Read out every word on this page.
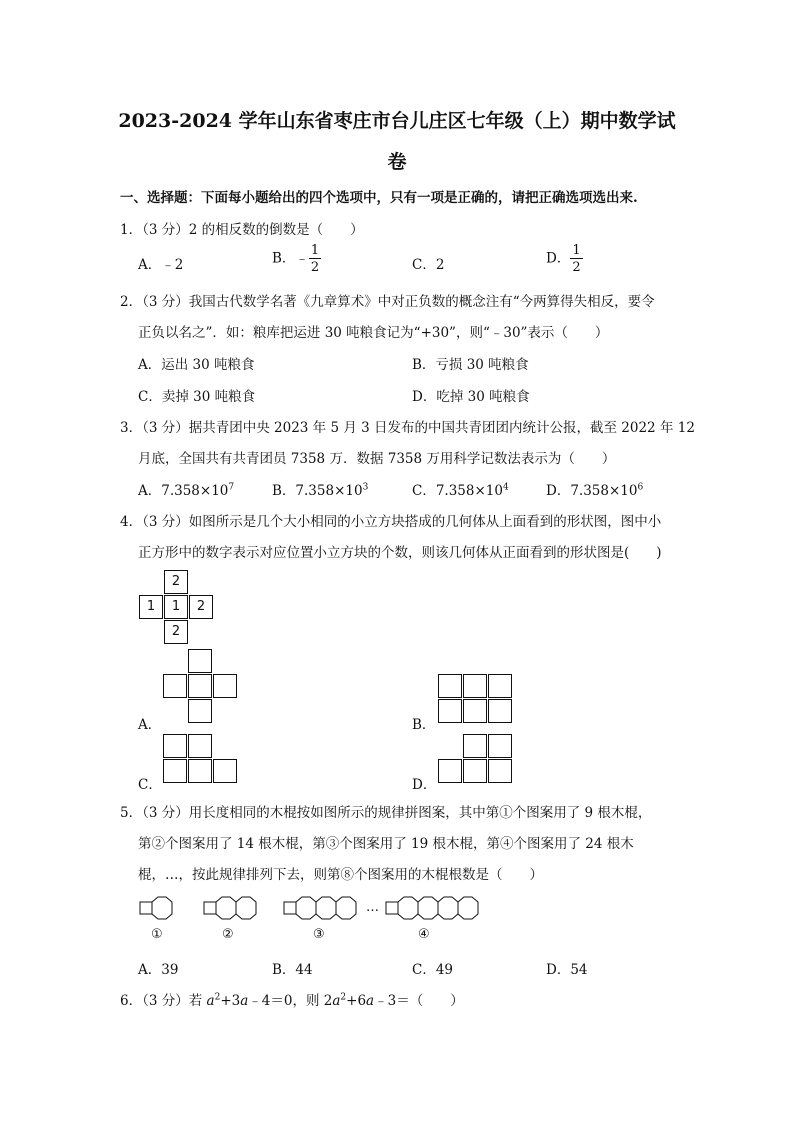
2023-2024 学年山东省枣庄市台儿庄区七年级（上）期中数学试
卷
一、选择题：下面每小题给出的四个选项中，只有一项是正确的，请把正确选项选出来.
1．（3 分）2 的相反数的倒数是（　　）
A．﹣2	B．﹣ $\frac{1}{2}$	C．2	D． $\frac{1}{2}$
2．（3 分）我国古代数学名著《九章算术》中对正负数的概念注有“今两算得失相反，要令
正负以名之”．如：粮库把运进 30 吨粮食记为“+30”，则“﹣30”表示（　　）
A．运出 30 吨粮食	B．亏损 30 吨粮食
C．卖掉 30 吨粮食	D．吃掉 30 吨粮食
3．（3 分）据共青团中央 2023 年 5 月 3 日发布的中国共青团团内统计公报，截至 2022 年 12
月底，全国共有共青团员 7358 万．数据 7358 万用科学记数法表示为（　　）
A．$7.358\times 10^7$	B．$7.358\times 10^3$	C．$7.358\times 10^4$	D．$7.358\times 10^6$
4．（3 分）如图所示是几个大小相同的小立方块搭成的几何体从上面看到的形状图，图中小
正方形中的数字表示对应位置小立方块的个数，则该几何体从正面看到的形状图是(　　)
2
1	1	2
2
A．	B．
C．	D．
5．（3 分）用长度相同的木棍按如图所示的规律拼图案，其中第①个图案用了 9 根木棍，
第②个图案用了 14 根木棍，第③个图案用了 19 根木棍，第④个图案用了 24 根木
棍，…，按此规律排列下去，则第⑧个图案用的木棍根数是（　　）
…
①	②	③	④
A．39	B．44	C．49	D．54
6．（3 分）若 $a^2+3a﹣4=0$，则 $2a^2+6a﹣3=$（　　）
